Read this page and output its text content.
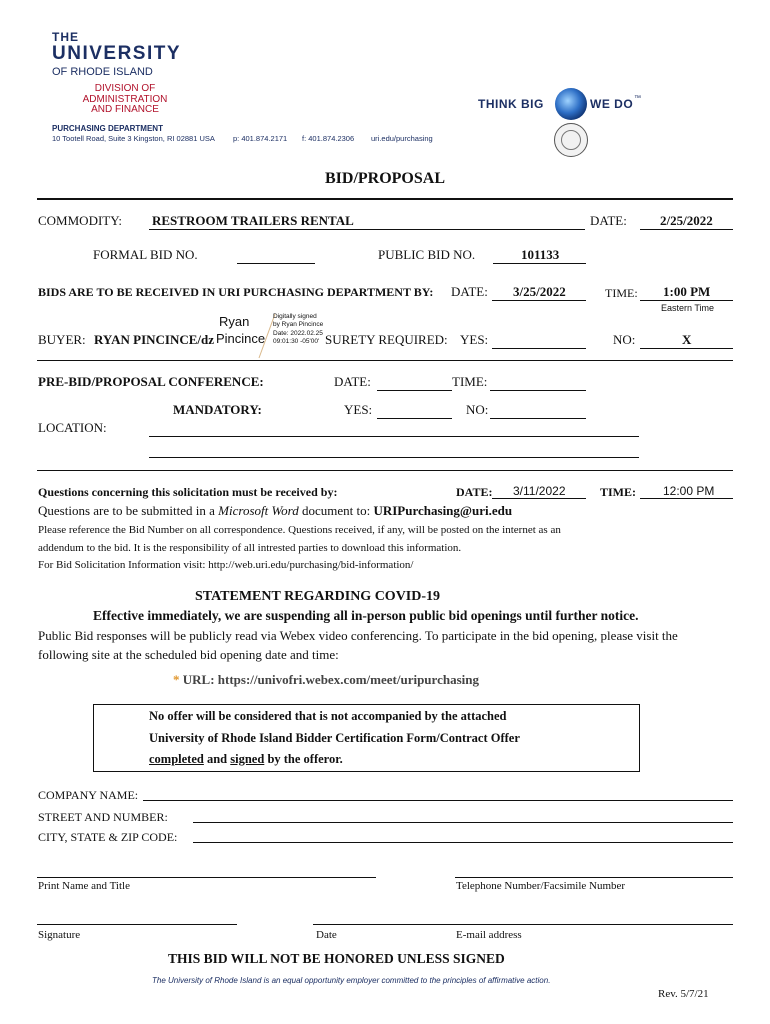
THE
UNIVERSITY
OF RHODE ISLAND
DIVISION OF
ADMINISTRATION
AND FINANCE	THINK BIG	WE DO ™
PURCHASING DEPARTMENT
10 Tootell Road, Suite 3 Kingston, RI 02881 USA p: 401.874.2171 f: 401.874.2306 uri.edu/purchasing
BID/PROPOSAL
COMMODITY: RESTROOM TRAILERS RENTAL	DATE:	2/25/2022
FORMAL BID NO.	PUBLIC BID NO.	101133
BIDS ARE TO BE RECEIVED IN URI PURCHASING DEPARTMENT BY: DATE: 3/25/2022	TIME: 1:00 PM
Eastern Time
BUYER: RYAN PINCINCE/dz
Ryan
Pincince
Digitally signed
by Ryan Pincince
Date: 2022.02.25
09:01:30 -05'00' SURETY REQUIRED: YES:	NO:	X
PRE-BID/PROPOSAL CONFERENCE:	DATE:	TIME:
MANDATORY:	YES:	NO:
LOCATION:
Questions concerning this solicitation must be received by:	DATE: 3/11/2022	TIME: 12:00 PM
Questions are to be submitted in a Microsoft Word document to: URIPurchasing@uri.edu
Please reference the Bid Number on all correspondence. Questions received, if any, will be posted on the internet as an
addendum to the bid. It is the responsibility of all intrested parties to download this information.
For Bid Solicitation Information visit: http://web.uri.edu/purchasing/bid-information/
STATEMENT REGARDING COVID-19
Effective immediately, we are suspending all in-person public bid openings until further notice.
Public Bid responses will be publicly read via Webex video conferencing. To participate in the bid opening, please visit the
following site at the scheduled bid opening date and time:
* URL: https://univofri.webex.com/meet/uripurchasing
No offer will be considered that is not accompanied by the attached
University of Rhode Island Bidder Certification Form/Contract Offer
completed and signed by the offeror.
COMPANY NAME:
STREET AND NUMBER:
CITY, STATE & ZIP CODE:
Print Name and Title	Telephone Number/Facsimile Number
Signature	Date	E-mail address
THIS BID WILL NOT BE HONORED UNLESS SIGNED
The University of Rhode Island is an equal opportunity employer committed to the principles of affirmative action.
Rev. 5/7/21
